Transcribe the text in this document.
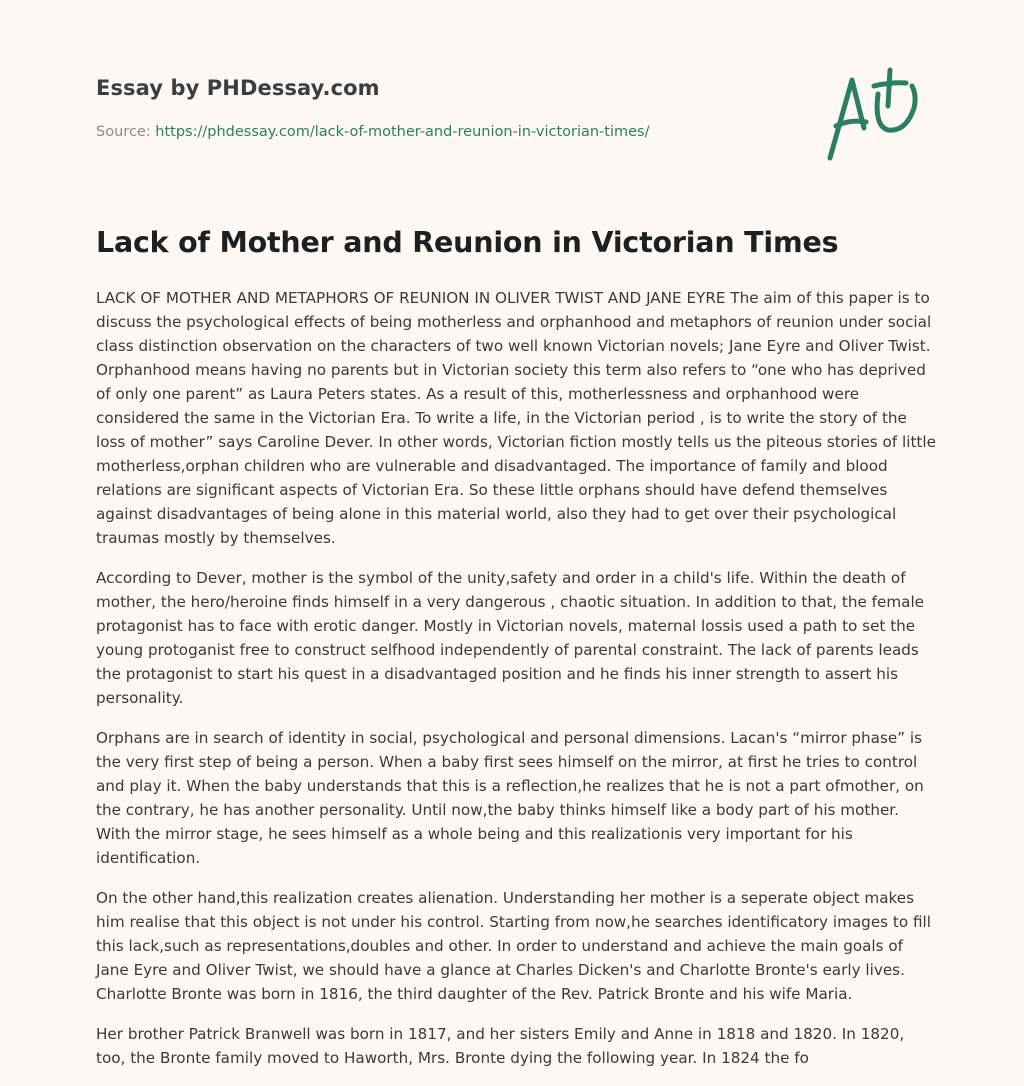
Essay by PHDessay.com
Source: https://phdessay.com/lack-of-mother-and-reunion-in-victorian-times/
Lack of Mother and Reunion in Victorian Times

LACK OF MOTHER AND METAPHORS OF REUNION IN OLIVER TWIST AND JANE EYRE The aim of this paper is to discuss the psychological effects of being motherless and orphanhood and metaphors of reunion under social class distinction observation on the characters of two well known Victorian novels; Jane Eyre and Oliver Twist. Orphanhood means having no parents but in Victorian society this term also refers to “one who has deprived of only one parent” as Laura Peters states. As a result of this, motherlessness and orphanhood were considered the same in the Victorian Era. To write a life, in the Victorian period , is to write the story of the loss of mother” says Caroline Dever. In other words, Victorian fiction mostly tells us the piteous stories of little motherless,orphan children who are vulnerable and disadvantaged. The importance of family and blood relations are significant aspects of Victorian Era. So these little orphans should have defend themselves against disadvantages of being alone in this material world, also they had to get over their psychological traumas mostly by themselves.

According to Dever, mother is the symbol of the unity,safety and order in a child's life. Within the death of mother, the hero/heroine finds himself in a very dangerous , chaotic situation. In addition to that, the female protagonist has to face with erotic danger. Mostly in Victorian novels, maternal lossis used a path to set the young protoganist free to construct selfhood independently of parental constraint. The lack of parents leads the protagonist to start his quest in a disadvantaged position and he finds his inner strength to assert his personality.

Orphans are in search of identity in social, psychological and personal dimensions. Lacan's “mirror phase” is the very first step of being a person. When a baby first sees himself on the mirror, at first he tries to control and play it. When the baby understands that this is a reflection,he realizes that he is not a part ofmother, on the contrary, he has another personality. Until now,the baby thinks himself like a body part of his mother. With the mirror stage, he sees himself as a whole being and this realizationis very important for his identification.

On the other hand,this realization creates alienation. Understanding her mother is a seperate object makes him realise that this object is not under his control. Starting from now,he searches identificatory images to fill this lack,such as representations,doubles and other. In order to understand and achieve the main goals of Jane Eyre and Oliver Twist, we should have a glance at Charles Dicken's and Charlotte Bronte's early lives. Charlotte Bronte was born in 1816, the third daughter of the Rev. Patrick Bronte and his wife Maria.

Her brother Patrick Branwell was born in 1817, and her sisters Emily and Anne in 1818 and 1820. In 1820, too, the Bronte family moved to Haworth, Mrs. Bronte dying the following year. In 1824 the fo
